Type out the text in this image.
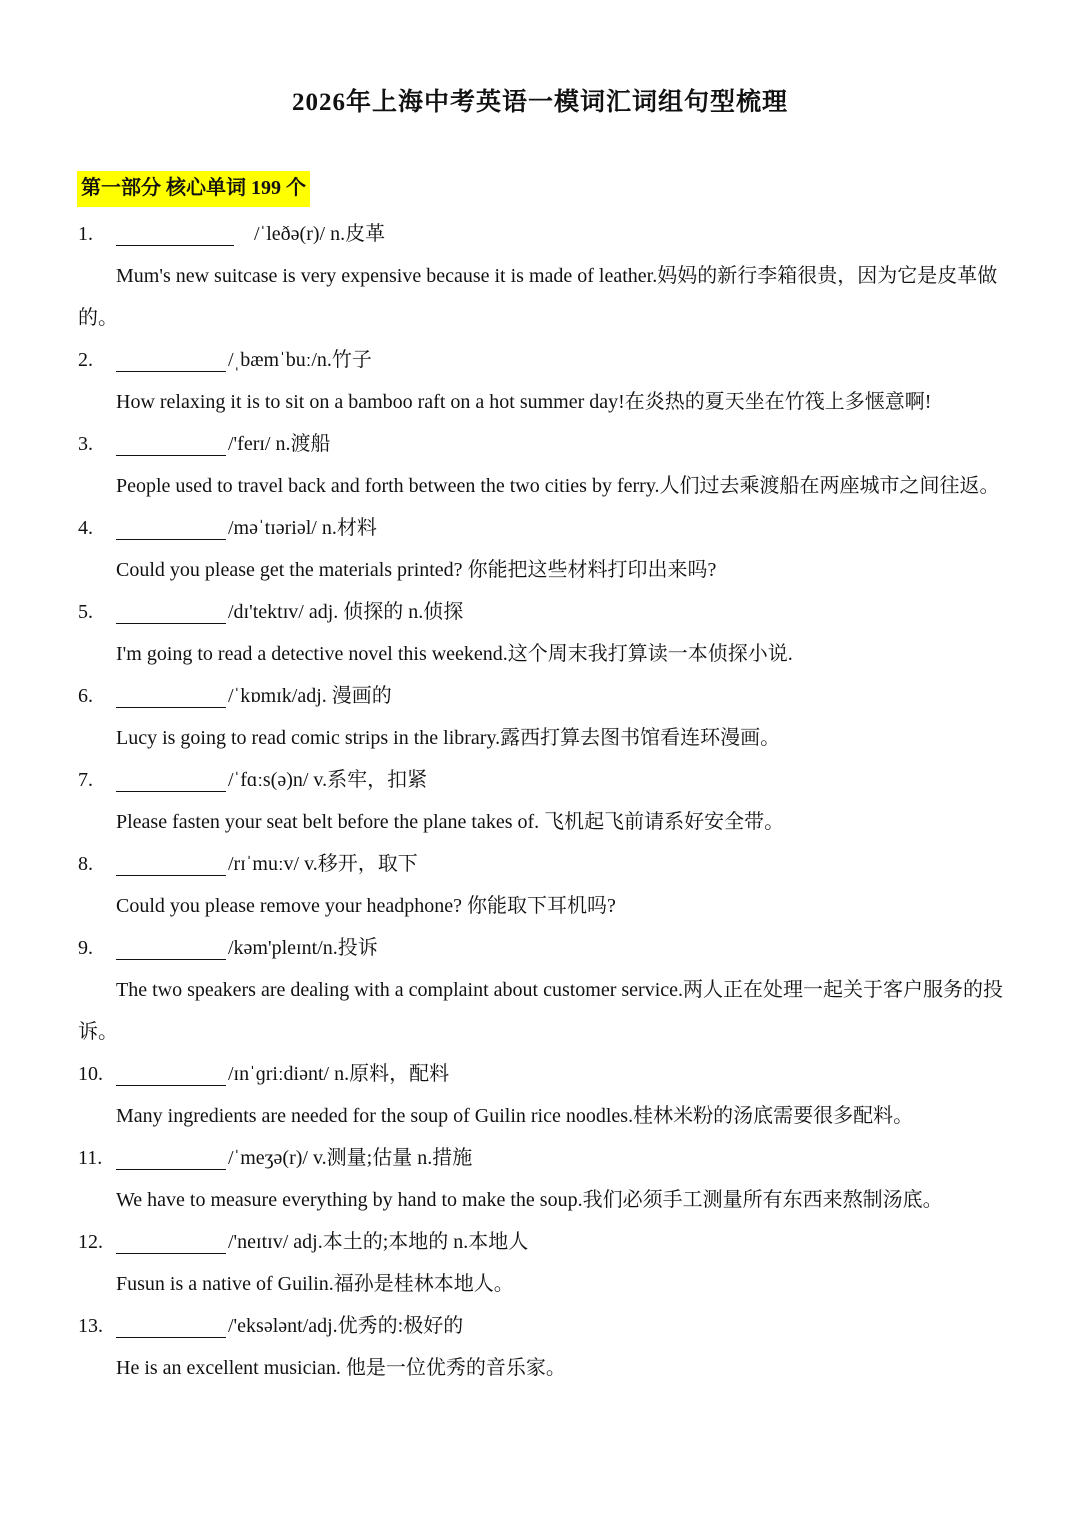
2026年上海中考英语一模词汇词组句型梳理
第一部分 核心单词 199 个
1.	/ˈleðə(r)/ n.皮革
Mum's new suitcase is very expensive because it is made of leather.妈妈的新行李箱很贵，因为它是皮革做的。
2.	/ˌbæmˈbuː/n.竹子
How relaxing it is to sit on a bamboo raft on a hot summer day!在炎热的夏天坐在竹筏上多惬意啊!
3.	/'ferɪ/ n.渡船
People used to travel back and forth between the two cities by ferry.人们过去乘渡船在两座城市之间往返。
4.	/məˈtɪəriəl/ n.材料
Could you please get the materials printed? 你能把这些材料打印出来吗?
5.	/dɪ'tektɪv/ adj. 侦探的 n.侦探
I'm going to read a detective novel this weekend.这个周末我打算读一本侦探小说.
6.	/ˈkɒmɪk/adj. 漫画的
Lucy is going to read comic strips in the library.露西打算去图书馆看连环漫画。
7.	/ˈfɑːs(ə)n/ v.系牢，扣紧
Please fasten your seat belt before the plane takes of. 飞机起飞前请系好安全带。
8.	/rɪˈmuːv/ v.移开，取下
Could you please remove your headphone? 你能取下耳机吗?
9.	/kəm'pleɪnt/n.投诉
The two speakers are dealing with a complaint about customer service.两人正在处理一起关于客户服务的投诉。
10.	/ɪnˈɡriːdiənt/ n.原料，配料
Many ingredients are needed for the soup of Guilin rice noodles.桂林米粉的汤底需要很多配料。
11.	/ˈmeʒə(r)/ v.测量;估量 n.措施
We have to measure everything by hand to make the soup.我们必须手工测量所有东西来熬制汤底。
12.	/'neɪtɪv/ adj.本土的;本地的 n.本地人
Fusun is a native of Guilin.福孙是桂林本地人。
13.	/'eksələnt/adj.优秀的:极好的
He is an excellent musician. 他是一位优秀的音乐家。
